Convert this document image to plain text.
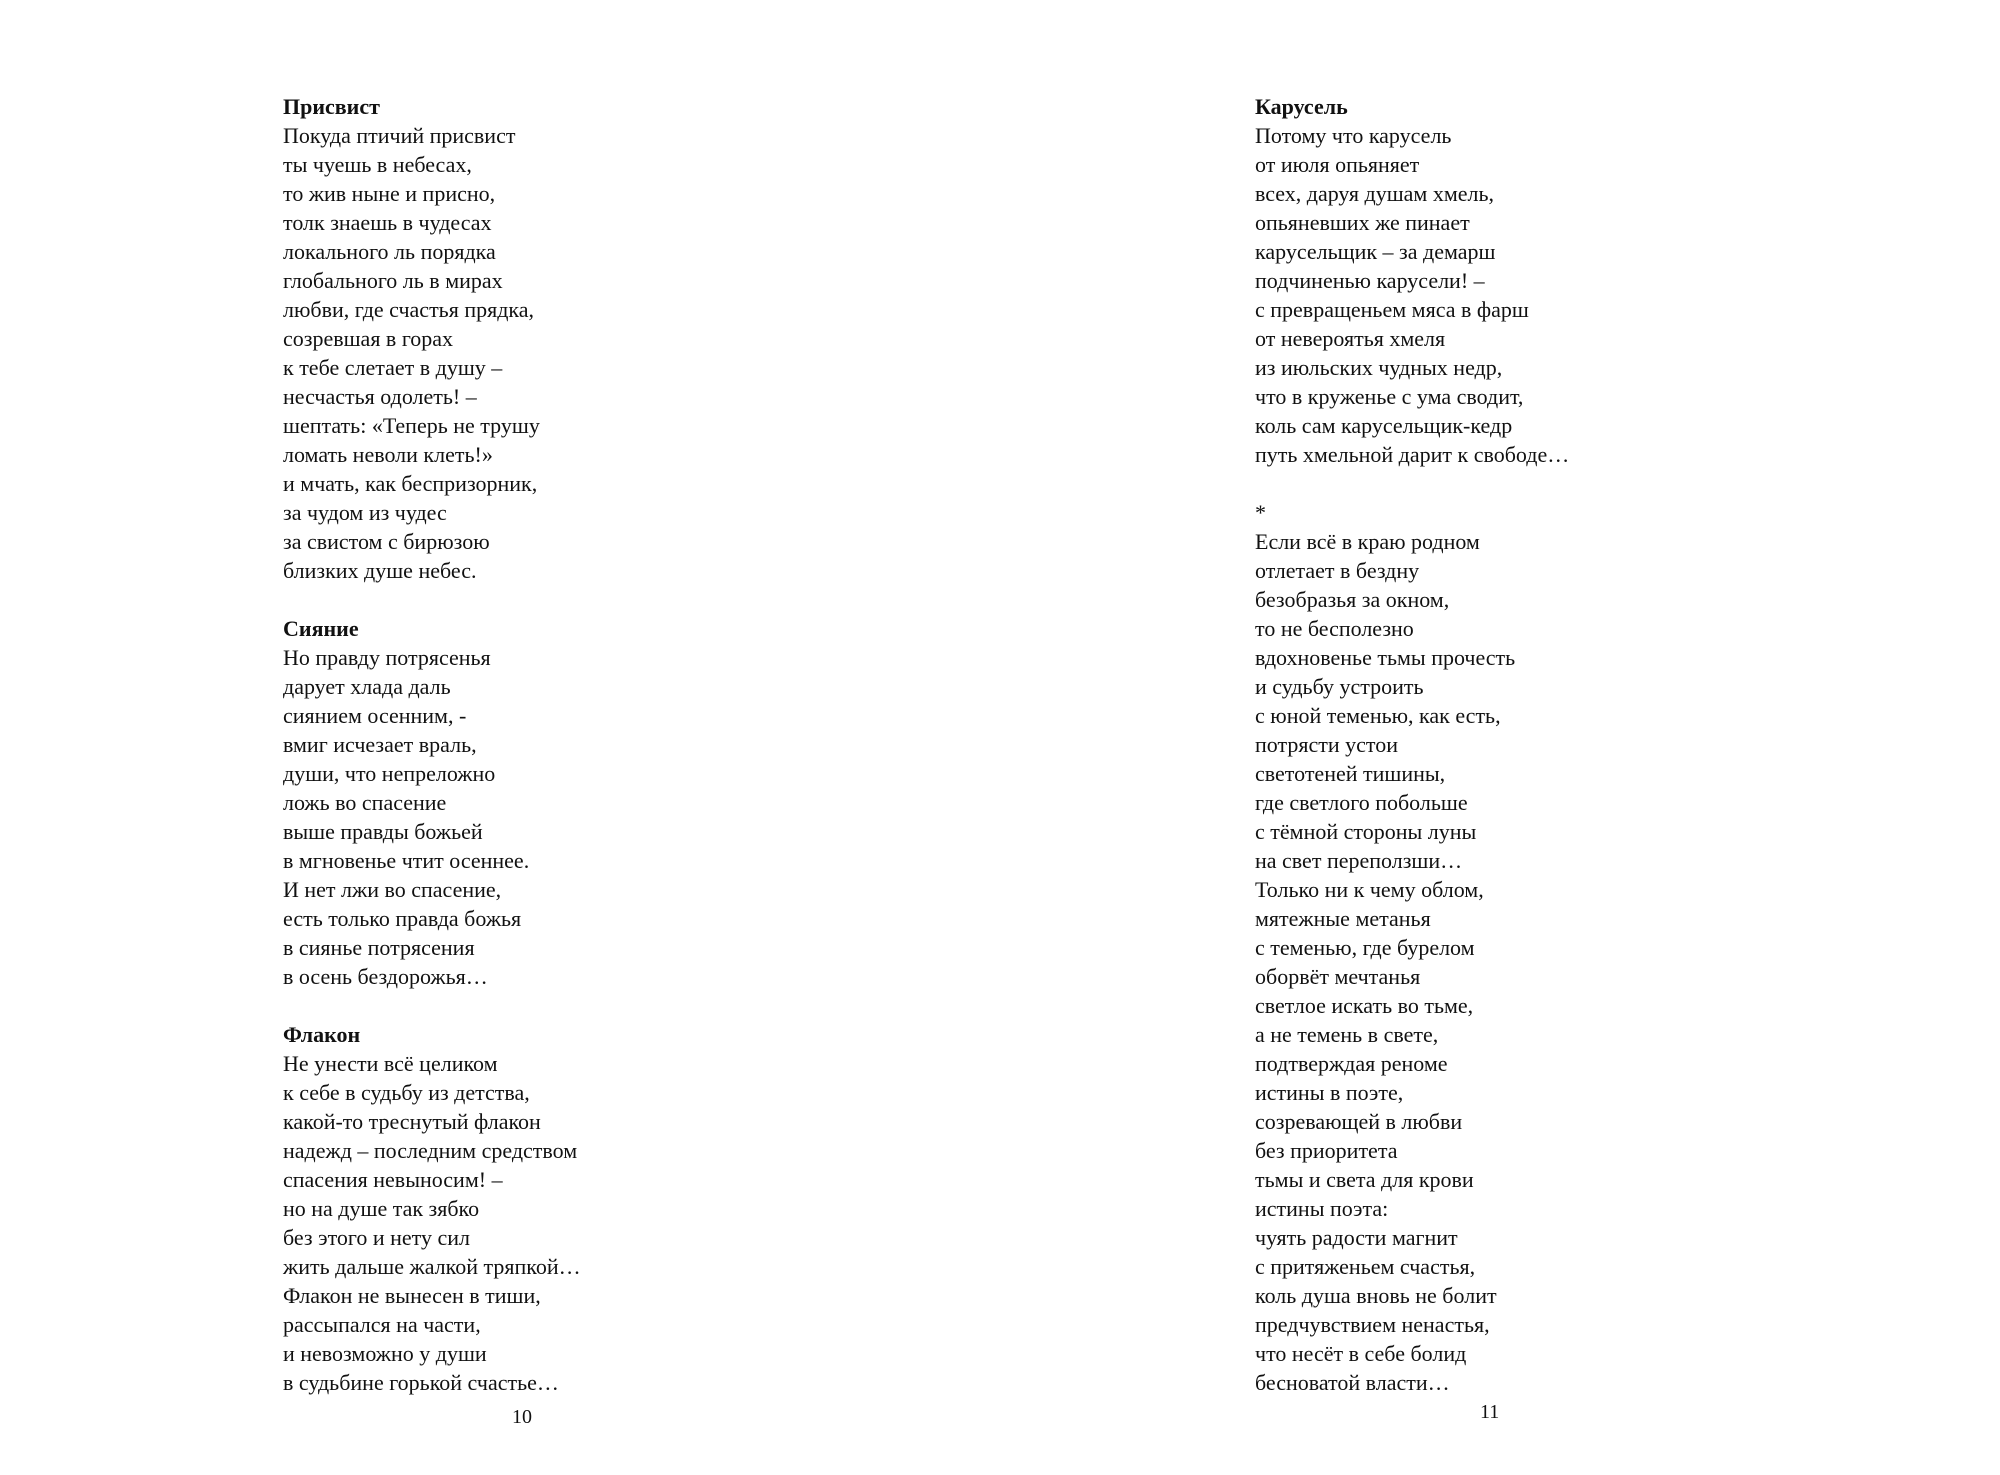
Присвист
Покуда птичий присвист
ты чуешь в небесах,
то жив ныне и присно,
толк знаешь в чудесах
локального ль порядка
глобального ль в мирах
любви, где счастья прядка,
созревшая в горах
к тебе слетает в душу –
несчастья одолеть! –
шептать: «Теперь не трушу
ломать неволи клеть!»
и мчать, как беспризорник,
за чудом из чудес
за свистом с бирюзою
близких душе небес.
Сияние
Но правду потрясенья
дарует хлада даль
сиянием осенним, -
вмиг исчезает враль,
души, что непреложно
ложь во спасение
выше правды божьей
в мгновенье чтит осеннее.
И нет лжи во спасение,
есть только правда божья
в сиянье потрясения
в осень бездорожья…
Флакон
Не унести всё целиком
к себе в судьбу из детства,
какой-то треснутый флакон
надежд – последним средством
спасения невыносим! –
но на душе так зябко
без этого и нету сил
жить дальше жалкой тряпкой…
Флакон не вынесен в тиши,
рассыпался на части,
и невозможно у души
в судьбине горькой счастье…
10
Карусель
Потому что карусель
от июля опьяняет
всех, даруя душам хмель,
опьяневших же пинает
карусельщик – за демарш
подчиненью карусели! –
с превращеньем мяса в фарш
от невероятья хмеля
из июльских чудных недр,
что в круженье с ума сводит,
коль сам карусельщик-кедр
путь хмельной дарит к свободе…
*
Если всё в краю родном
отлетает в бездну
безобразья за окном,
то не бесполезно
вдохновенье тьмы прочесть
и судьбу устроить
с юной теменью, как есть,
потрясти устои
светотеней тишины,
где светлого побольше
с тёмной стороны луны
на свет переползши…
Только ни к чему облом,
мятежные метанья
с теменью, где бурелом
оборвёт мечтанья
светлое искать во тьме,
а не темень в свете,
подтверждая реноме
истины в поэте,
созревающей в любви
без приоритета
тьмы и света для крови
истины поэта:
чуять радости магнит
с притяженьем счастья,
коль душа вновь не болит
предчувствием ненастья,
что несёт в себе болид
бесноватой власти…
11
